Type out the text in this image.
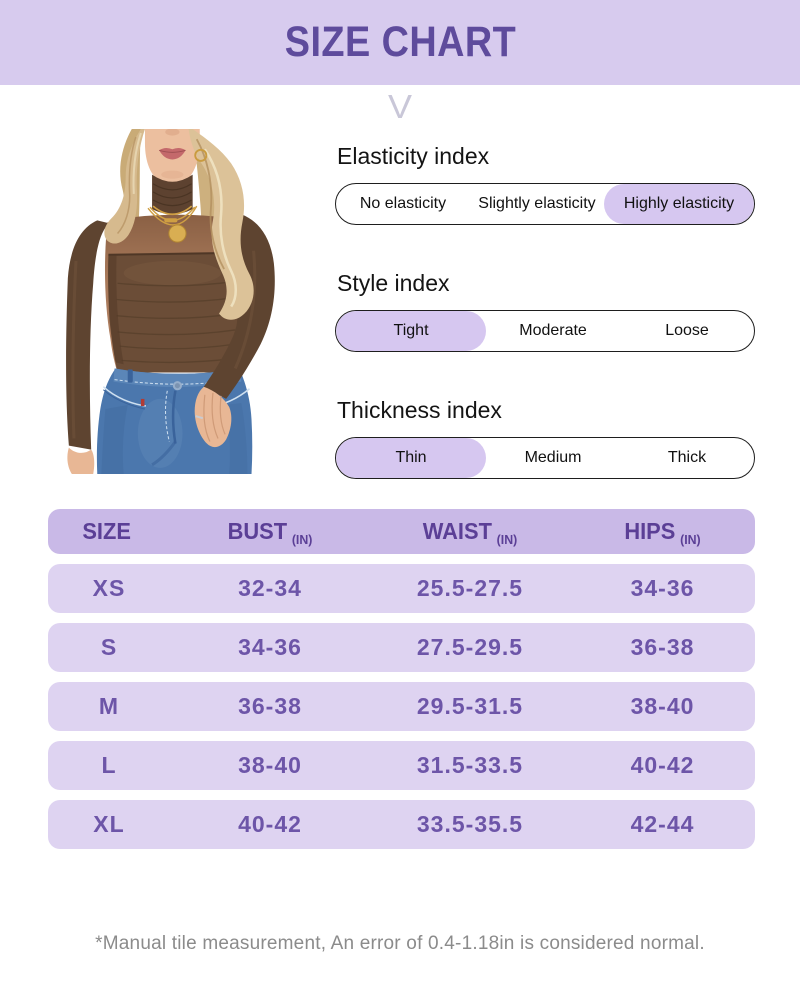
SIZE CHART
V
Elasticity index
No elasticity	Slightly elasticity	Highly elasticity
Style index
Tight	Moderate	Loose
Thickness index
Thin	Medium	Thick
SIZE	BUST $_{(IN)}$	WAIST $_{(IN)}$	HIPS $_{(IN)}$
XS	32-34	25.5-27.5	34-36
S	34-36	27.5-29.5	36-38
M	36-38	29.5-31.5	38-40
L	38-40	31.5-33.5	40-42
XL	40-42	33.5-35.5	42-44
*Manual tile measurement, An error of 0.4-1.18in is considered normal.
